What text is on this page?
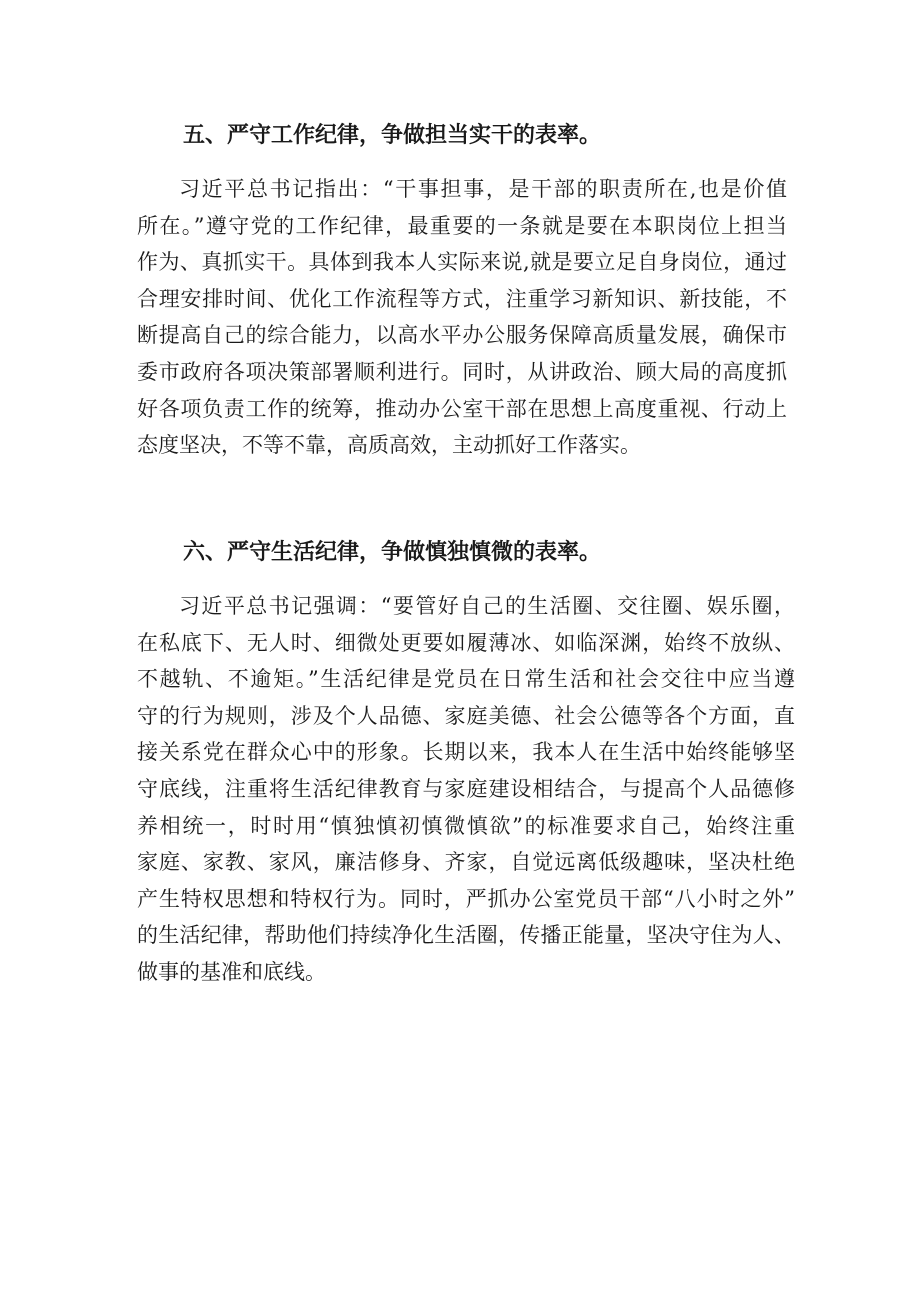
五、严守工作纪律，争做担当实干的表率。
习近平总书记指出：“干事担事，是干部的职责所在,也是价值
所在。”遵守党的工作纪律，最重要的一条就是要在本职岗位上担当
作为、真抓实干。具体到我本人实际来说,就是要立足自身岗位，通过
合理安排时间、优化工作流程等方式，注重学习新知识、新技能，不
断提高自己的综合能力，以高水平办公服务保障高质量发展，确保市
委市政府各项决策部署顺利进行。同时，从讲政治、顾大局的高度抓
好各项负责工作的统筹，推动办公室干部在思想上高度重视、行动上
态度坚决，不等不靠，高质高效，主动抓好工作落实。
六、严守生活纪律，争做慎独慎微的表率。
习近平总书记强调：“要管好自己的生活圈、交往圈、娱乐圈，
在私底下、无人时、细微处更要如履薄冰、如临深渊，始终不放纵、
不越轨、不逾矩。”生活纪律是党员在日常生活和社会交往中应当遵
守的行为规则，涉及个人品德、家庭美德、社会公德等各个方面，直
接关系党在群众心中的形象。长期以来，我本人在生活中始终能够坚
守底线，注重将生活纪律教育与家庭建设相结合，与提高个人品德修
养相统一，时时用“慎独慎初慎微慎欲”的标准要求自己，始终注重
家庭、家教、家风，廉洁修身、齐家，自觉远离低级趣味，坚决杜绝
产生特权思想和特权行为。同时，严抓办公室党员干部“八小时之外”
的生活纪律，帮助他们持续净化生活圈，传播正能量，坚决守住为人、
做事的基准和底线。
